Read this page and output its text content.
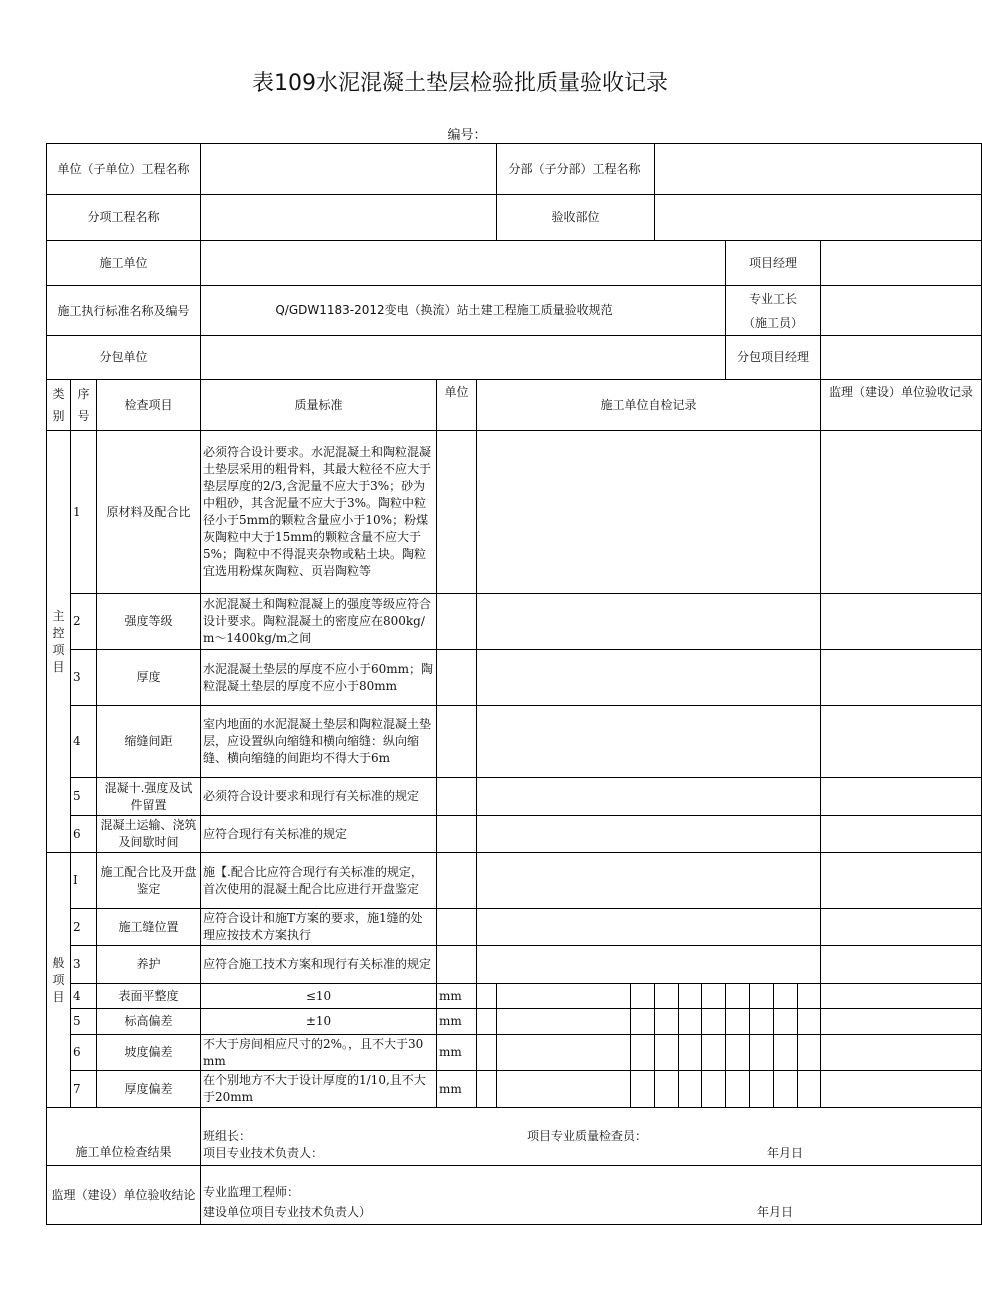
表109水泥混凝土垫层检验批质量验收记录
编号：
单位（子单位）工程名称						分部（子分部）工程名称									
分项工程名称						验收部位									
施工单位											项目经理				
施工执行标准名称及编号			Q/GDW1183-2012变电（换流）站土建工程施工质量验收规范								专业工长（施工员）				
分包单位											分包项目经理				
类别	序号	检查项目	质量标准	单位	施工单位自检记录										监理（建设）单位验收记录
主控项目	1	原材料及配合比	必须符合设计要求。水泥混凝土和陶粒混凝土垫层采用的粗骨料，其最大粒径不应大于垫层厚度的2/3,含泥量不应大于3%；砂为中粗砂，其含泥量不应大于3%。陶粒中粒径小于5mm的颗粒含量应小于10%；粉煤灰陶粒中大于15mm的颗粒含量不应大于5%；陶粒中不得混夹杂物或粘土块。陶粒宜选用粉煤灰陶粒、页岩陶粒等												
	2	强度等级	水泥混凝土和陶粒混凝上的强度等级应符合设计要求。陶粒混凝土的密度应在800kg∕m～1400kg∕m之间												
	3	厚度	水泥混凝土垫层的厚度不应小于60mm；陶粒混凝土垫层的厚度不应小于80mm												
	4	缩缝间距	室内地面的水泥混凝土垫层和陶粒混凝土垫层，应设置纵向缩缝和横向缩缝：纵向缩缝、横向缩缝的间距均不得大于6m												
	5	混凝十.强度及试件留置	必须符合设计要求和现行有关标准的规定												
	6	混凝土运输、浇筑及间歇时间	应符合现行有关标准的规定												
般项目	I	施工配合比及开盘鉴定	施【.配合比应符合现行有关标准的规定，首次使用的混凝土配合比应进行开盘鉴定												
	2	施工缝位置	应符合设计和施T方案的要求，施1缝的处理应按技术方案执行												
	3	养护	应符合施工技术方案和现行有关标准的规定												
	4	表面平整度	≤10	mm											
	5	标高偏差	±10	mm											
	6	坡度偏差	不大于房间相应尺寸的2%。，且不大于30mm	mm											
	7	厚度偏差	在个别地方不大于设计厚度的1/10,且不大于20mm	mm											
施工单位检查结果			班组长： 项目专业质量检查员：
项目专业技术负责人： 年月日												

监理（建设）单位验收结论			专业监理工程师：
建设单位项目专业技术负责人） 年月日												
